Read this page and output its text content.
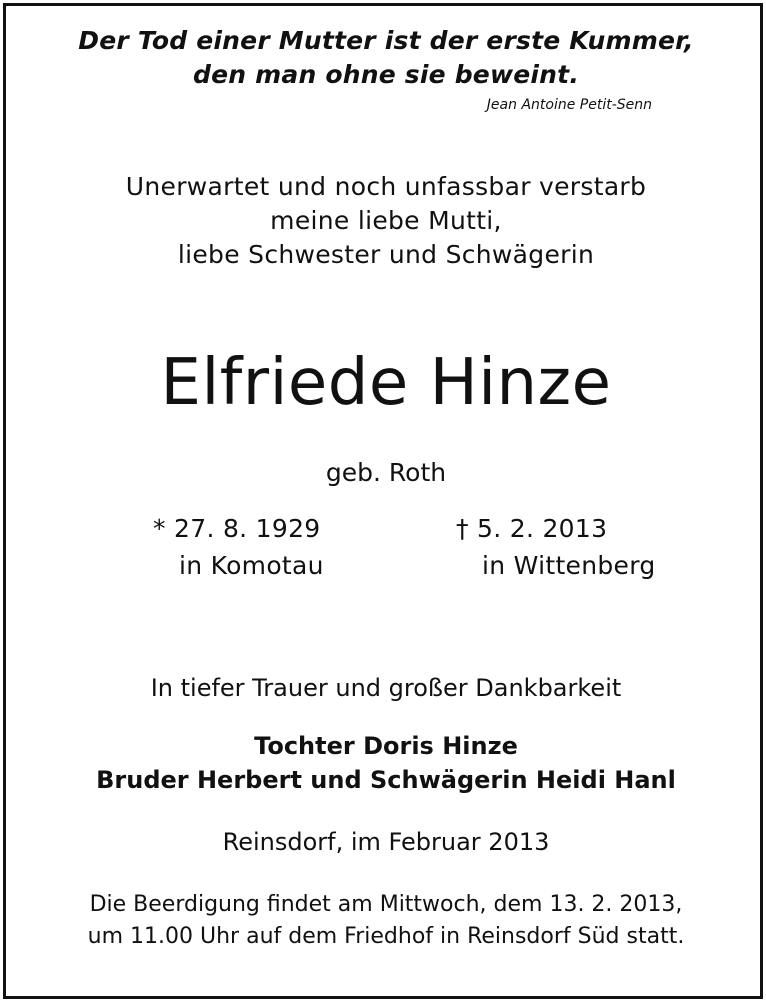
Der Tod einer Mutter ist der erste Kummer,
den man ohne sie beweint.
Jean Antoine Petit-Senn
Unerwartet und noch unfassbar verstarb
meine liebe Mutti,
liebe Schwester und Schwägerin
Elfriede Hinze
geb. Roth
* 27. 8. 1929
in Komotau
† 5. 2. 2013
in Wittenberg
In tiefer Trauer und großer Dankbarkeit
Tochter Doris Hinze
Bruder Herbert und Schwägerin Heidi Hanl
Reinsdorf, im Februar 2013
Die Beerdigung findet am Mittwoch, dem 13. 2. 2013,
um 11.00 Uhr auf dem Friedhof in Reinsdorf Süd statt.
